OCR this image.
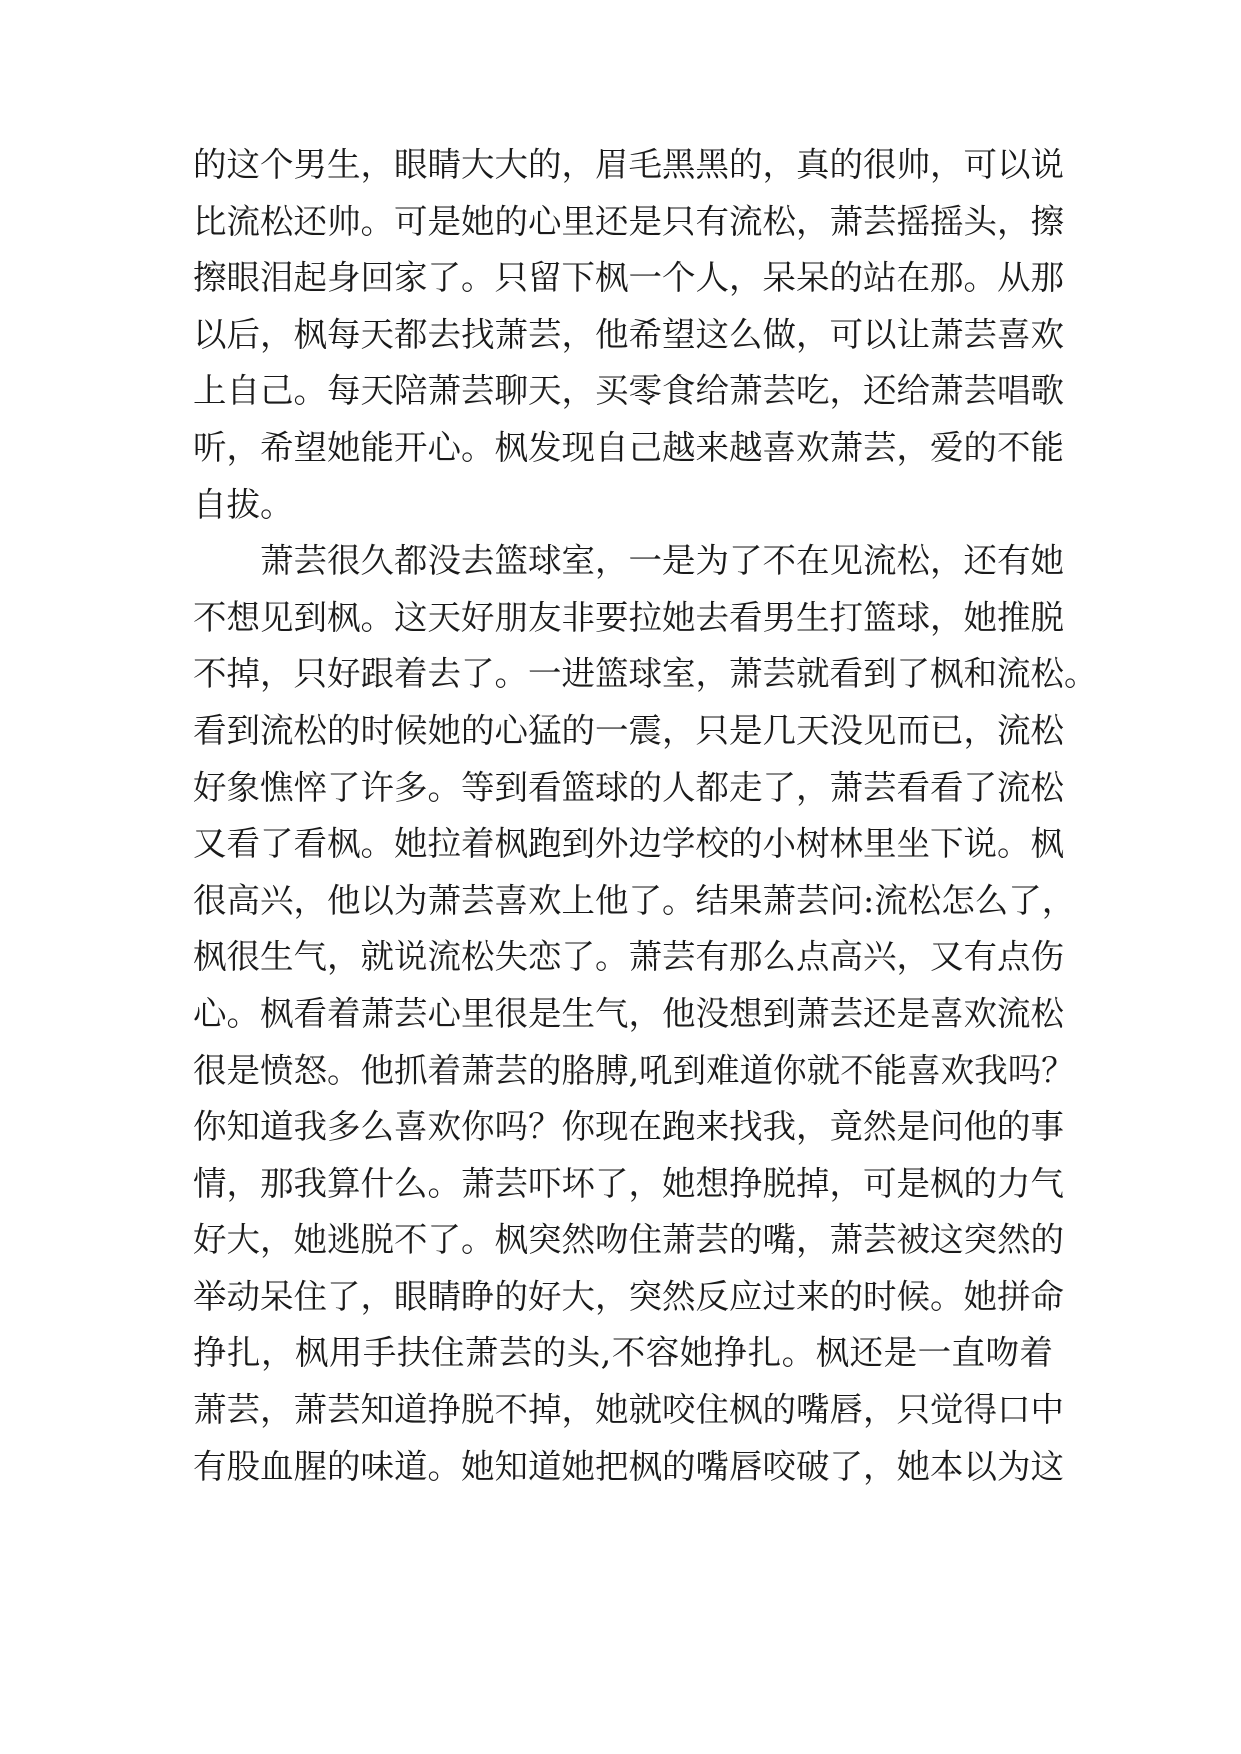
的这个男生，眼睛大大的，眉毛黑黑的，真的很帅，可以说
比流松还帅。可是她的心里还是只有流松，萧芸摇摇头，擦
擦眼泪起身回家了。只留下枫一个人，呆呆的站在那。从那
以后，枫每天都去找萧芸，他希望这么做，可以让萧芸喜欢
上自己。每天陪萧芸聊天，买零食给萧芸吃，还给萧芸唱歌
听，希望她能开心。枫发现自己越来越喜欢萧芸，爱的不能
自拔。
萧芸很久都没去篮球室，一是为了不在见流松，还有她
不想见到枫。这天好朋友非要拉她去看男生打篮球，她推脱
不掉，只好跟着去了。一进篮球室，萧芸就看到了枫和流松。
看到流松的时候她的心猛的一震，只是几天没见而已，流松
好象憔悴了许多。等到看篮球的人都走了，萧芸看看了流松
又看了看枫。她拉着枫跑到外边学校的小树林里坐下说。枫
很高兴，他以为萧芸喜欢上他了。结果萧芸问:流松怎么了，
枫很生气，就说流松失恋了。萧芸有那么点高兴，又有点伤
心。枫看着萧芸心里很是生气，他没想到萧芸还是喜欢流松
很是愤怒。他抓着萧芸的胳膊,吼到难道你就不能喜欢我吗？
你知道我多么喜欢你吗？你现在跑来找我，竟然是问他的事
情，那我算什么。萧芸吓坏了，她想挣脱掉，可是枫的力气
好大，她逃脱不了。枫突然吻住萧芸的嘴，萧芸被这突然的
举动呆住了，眼睛睁的好大，突然反应过来的时候。她拼命
挣扎，枫用手扶住萧芸的头,不容她挣扎。枫还是一直吻着
萧芸，萧芸知道挣脱不掉，她就咬住枫的嘴唇，只觉得口中
有股血腥的味道。她知道她把枫的嘴唇咬破了，她本以为这
